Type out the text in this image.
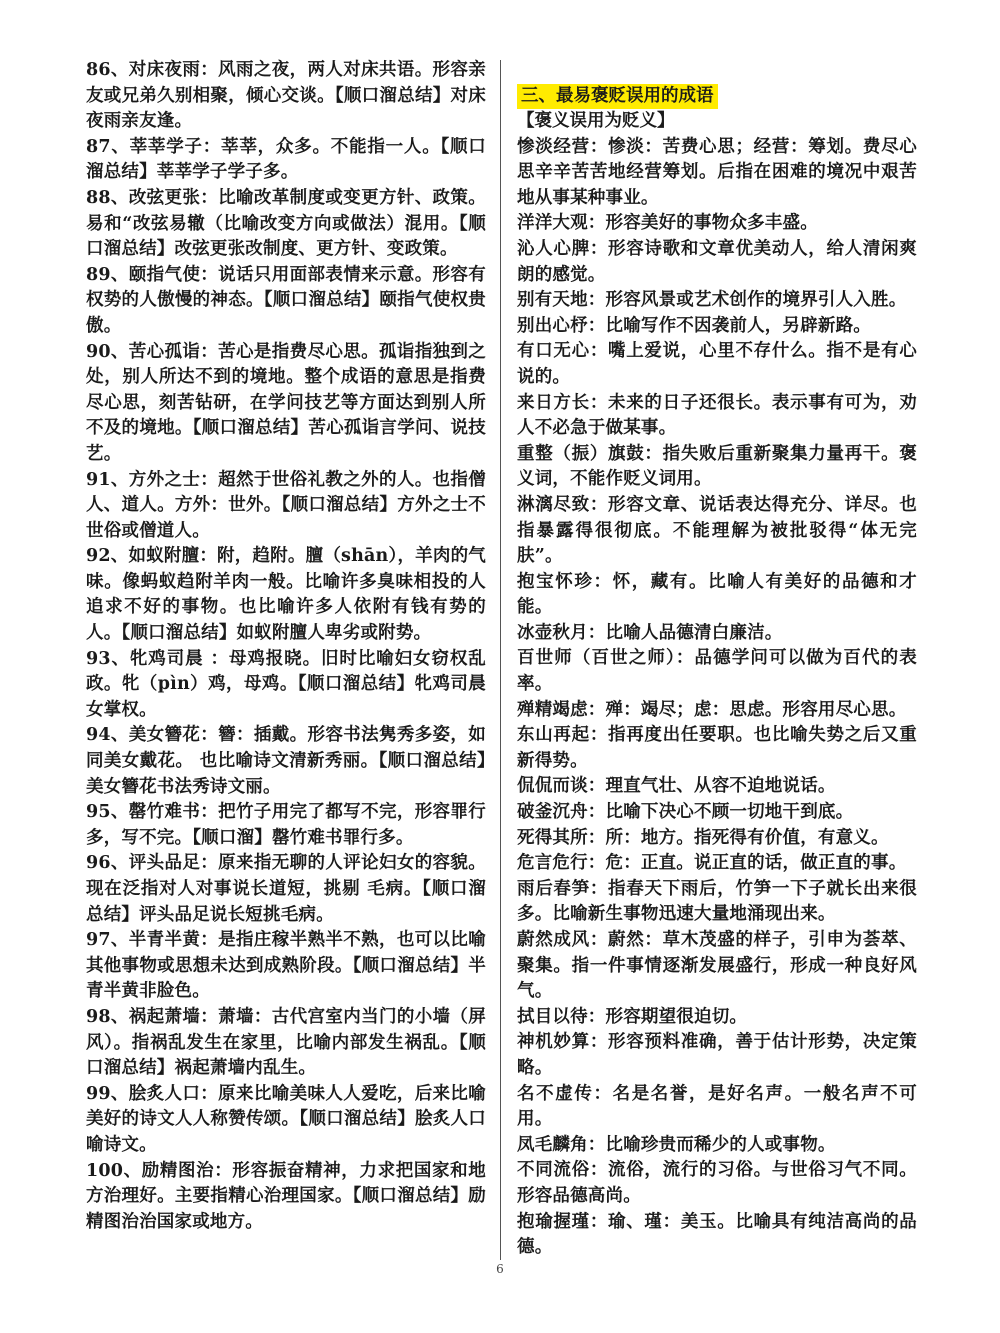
86、对床夜雨：风雨之夜，两人对床共语。形容亲友或兄弟久别相聚，倾心交谈。【顺口溜总结】对床夜雨亲友逢。

87、莘莘学子：莘莘，众多。不能指一人。【顺口溜总结】莘莘学子学子多。

88、改弦更张：比喻改革制度或变更方针、政策。易和“改弦易辙（比喻改变方向或做法）混用。【顺口溜总结】改弦更张改制度、更方针、变政策。

89、颐指气使：说话只用面部表情来示意。形容有权势的人傲慢的神态。【顺口溜总结】颐指气使权贵傲。

90、苦心孤诣：苦心是指费尽心思。孤诣指独到之处，别人所达不到的境地。整个成语的意思是指费尽心思，刻苦钻研，在学问技艺等方面达到别人所不及的境地。【顺口溜总结】苦心孤诣言学问、说技艺。

91、方外之士：超然于世俗礼教之外的人。也指僧人、道人。方外：世外。【顺口溜总结】方外之士不世俗或僧道人。

92、如蚁附膻：附，趋附。膻（shān），羊肉的气味。像蚂蚁趋附羊肉一般。比喻许多臭味相投的人追求不好的事物。也比喻许多人依附有钱有势的人。【顺口溜总结】如蚁附膻人卑劣或附势。

93、牝鸡司晨 ：母鸡报晓。旧时比喻妇女窃权乱政。牝（pìn）鸡，母鸡。【顺口溜总结】牝鸡司晨女掌权。

94、美女簪花：簪：插戴。形容书法隽秀多姿，如同美女戴花。 也比喻诗文清新秀丽。【顺口溜总结】美女簪花书法秀诗文丽。

95、罄竹难书：把竹子用完了都写不完，形容罪行多，写不完。【顺口溜】罄竹难书罪行多。

96、评头品足：原来指无聊的人评论妇女的容貌。现在泛指对人对事说长道短，挑剔 毛病。【顺口溜总结】评头品足说长短挑毛病。

97、半青半黄：是指庄稼半熟半不熟，也可以比喻其他事物或思想未达到成熟阶段。【顺口溜总结】半青半黄非脸色。

98、祸起萧墙：萧墙：古代宫室内当门的小墙（屏风）。指祸乱发生在家里，比喻内部发生祸乱。【顺口溜总结】祸起萧墙内乱生。

99、脍炙人口：原来比喻美味人人爱吃，后来比喻美好的诗文人人称赞传颂。【顺口溜总结】脍炙人口喻诗文。

100、励精图治：形容振奋精神，力求把国家和地方治理好。主要指精心治理国家。【顺口溜总结】励精图治治国家或地方。

三、最易褒贬误用的成语

【褒义误用为贬义】

惨淡经营：惨淡：苦费心思；经营：筹划。费尽心思辛辛苦苦地经营筹划。后指在困难的境况中艰苦地从事某种事业。

洋洋大观：形容美好的事物众多丰盛。

沁人心脾：形容诗歌和文章优美动人，给人清闲爽朗的感觉。

别有天地：形容风景或艺术创作的境界引人入胜。

别出心杼：比喻写作不因袭前人，另辟新路。

有口无心：嘴上爱说，心里不存什么。指不是有心说的。

来日方长：未来的日子还很长。表示事有可为，劝人不必急于做某事。

重整（振）旗鼓：指失败后重新聚集力量再干。褒义词，不能作贬义词用。

淋漓尽致：形容文章、说话表达得充分、详尽。也指暴露得很彻底。不能理解为被批驳得“体无完肤”。

抱宝怀珍：怀，藏有。比喻人有美好的品德和才能。

冰壶秋月：比喻人品德清白廉洁。

百世师（百世之师）：品德学问可以做为百代的表率。

殚精竭虑：殚：竭尽；虑：思虑。形容用尽心思。

东山再起：指再度出任要职。也比喻失势之后又重新得势。

侃侃而谈：理直气壮、从容不迫地说话。

破釜沉舟：比喻下决心不顾一切地干到底。

死得其所：所：地方。指死得有价值，有意义。

危言危行：危：正直。说正直的话，做正直的事。

雨后春笋：指春天下雨后，竹笋一下子就长出来很多。比喻新生事物迅速大量地涌现出来。

蔚然成风：蔚然：草木茂盛的样子，引申为荟萃、聚集。指一件事情逐渐发展盛行，形成一种良好风气。

拭目以待：形容期望很迫切。

神机妙算：形容预料准确，善于估计形势，决定策略。

名不虚传：名是名誉，是好名声。一般名声不可用。

凤毛麟角：比喻珍贵而稀少的人或事物。

不同流俗：流俗，流行的习俗。与世俗习气不同。形容品德高尚。

抱瑜握瑾：瑜、瑾：美玉。比喻具有纯洁高尚的品德。

6
